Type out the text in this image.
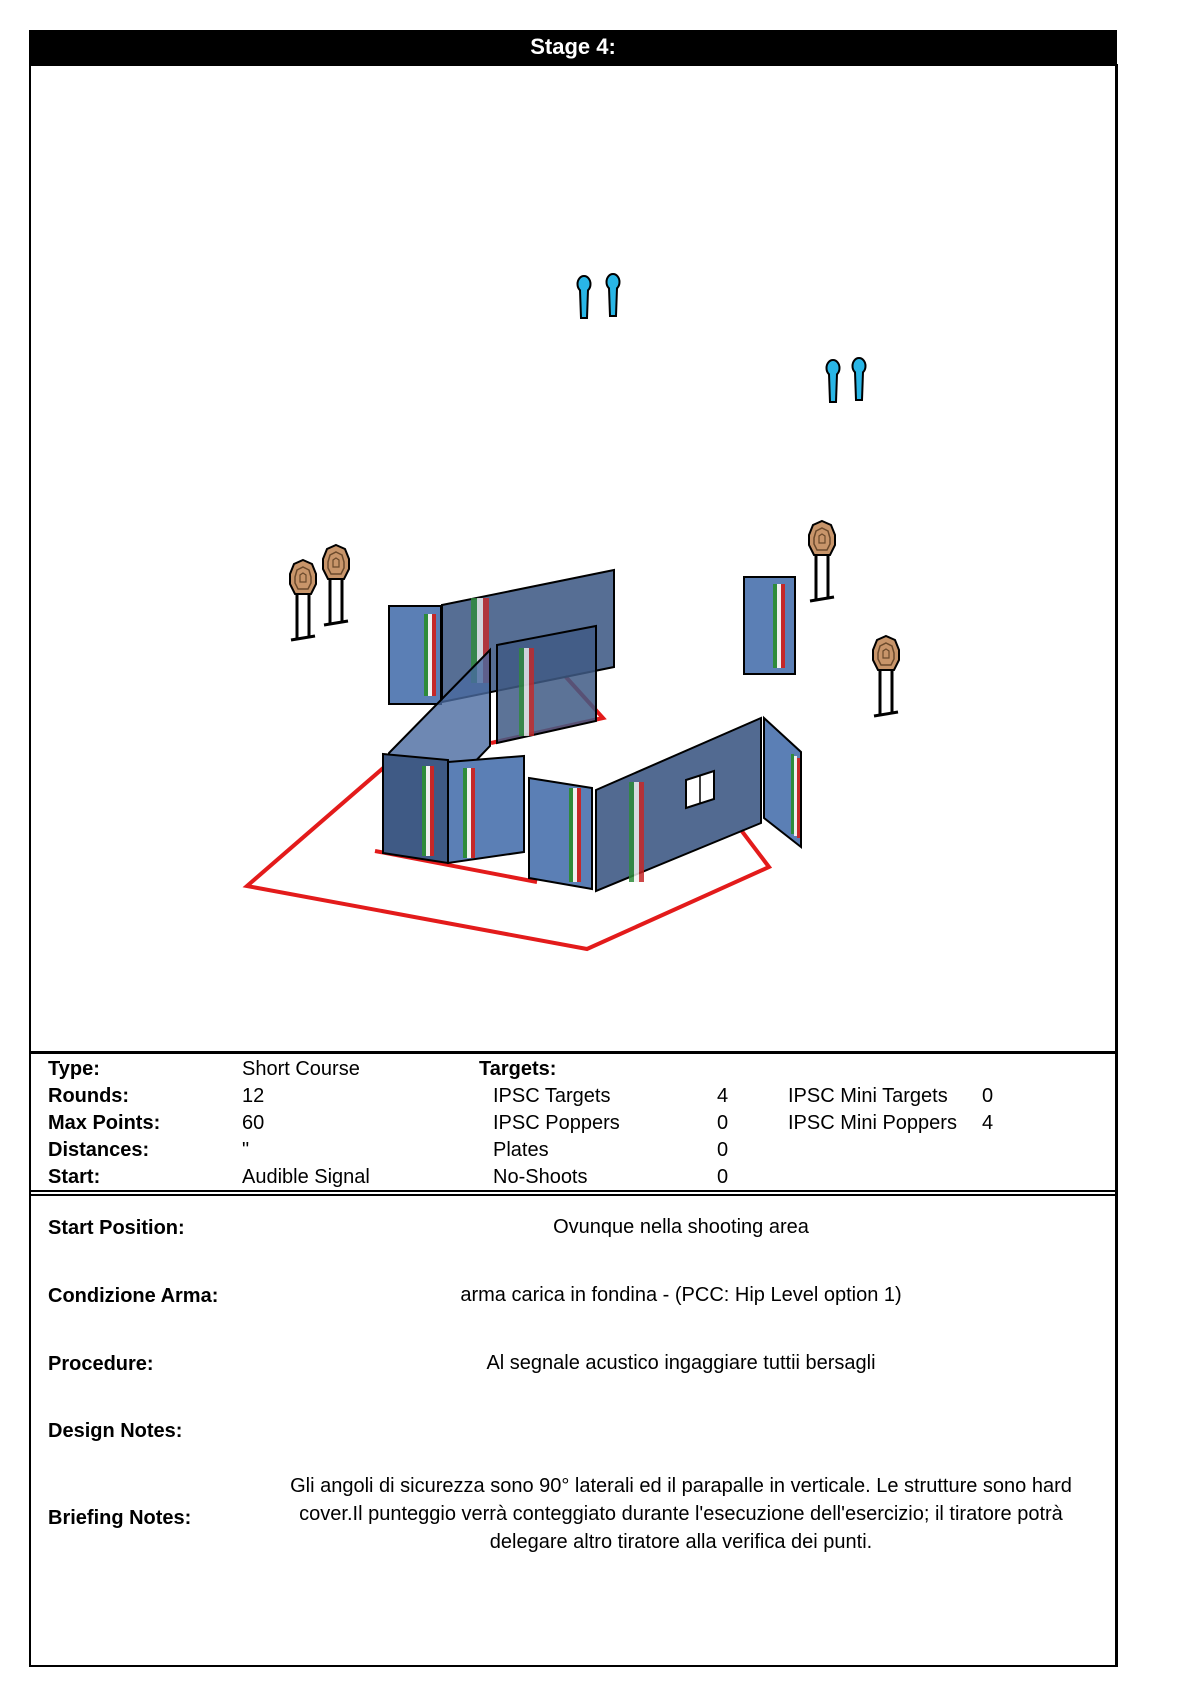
Stage 4:
Type:	Short Course	Targets:
Rounds:	12	IPSC Targets	4	IPSC Mini Targets 0
Max Points:	60	IPSC Poppers	0	IPSC Mini Poppers 4
Distances:	"	Plates	0
Start:	Audible Signal	No-Shoots	0
Start Position:	Ovunque nella shooting area
Condizione Arma:	arma carica in fondina - (PCC: Hip Level option 1)
Procedure:	Al segnale acustico ingaggiare tuttii bersagli
Design Notes:
Briefing Notes:
Gli angoli di sicurezza sono 90° laterali ed il parapalle in verticale. Le strutture sono hard cover.Il punteggio verrà conteggiato durante l'esecuzione dell'esercizio; il tiratore potrà delegare altro tiratore alla verifica dei punti.
